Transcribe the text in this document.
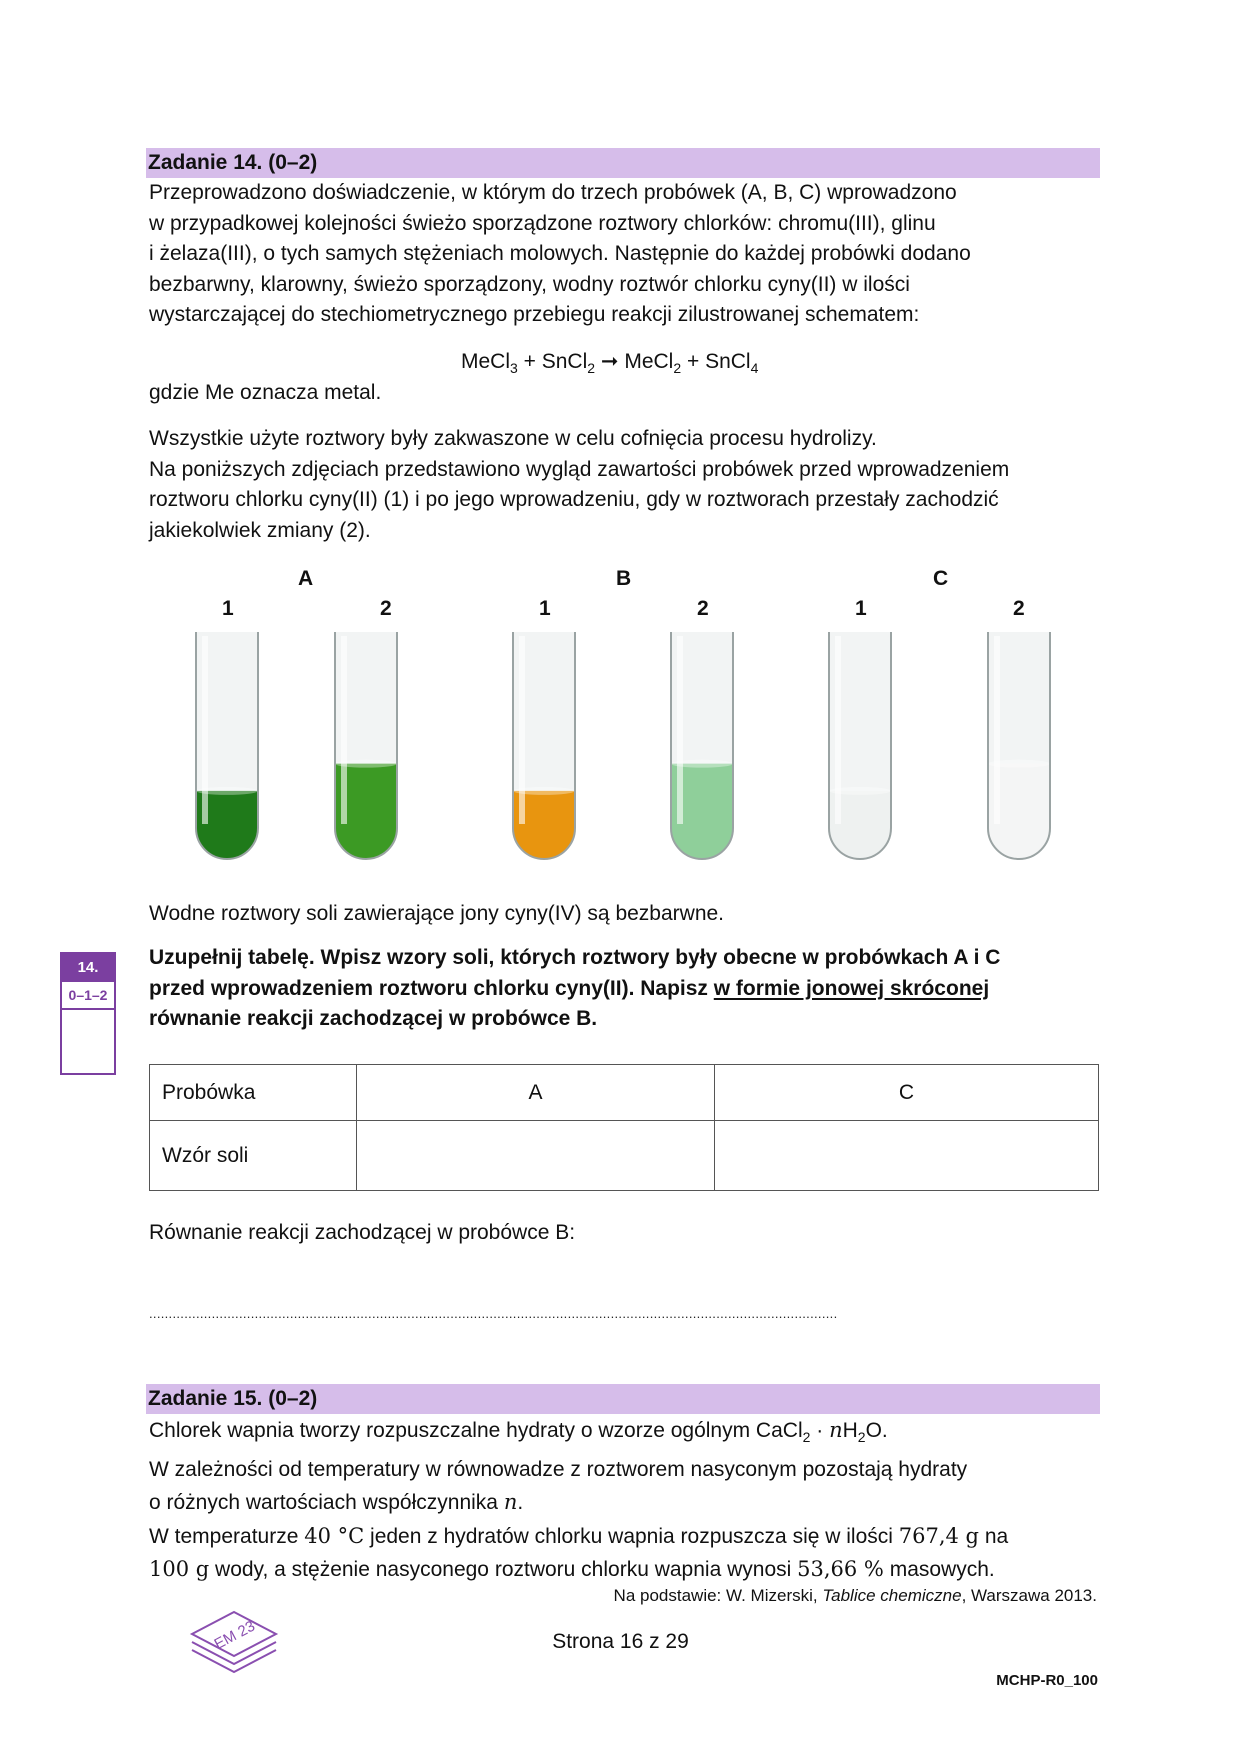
Zadanie 14. (0–2)
Przeprowadzono doświadczenie, w którym do trzech probówek (A, B, C) wprowadzono
w przypadkowej kolejności świeżo sporządzone roztwory chlorków: chromu(III), glinu
i żelaza(III), o tych samych stężeniach molowych. Następnie do każdej probówki dodano
bezbarwny, klarowny, świeżo sporządzony, wodny roztwór chlorku cyny(II) w ilości
wystarczającej do stechiometrycznego przebiegu reakcji zilustrowanej schematem:
MeCl$_3$ + SnCl$_2$ ➞ MeCl$_2$ + SnCl$_4$
gdzie Me oznacza metal.
Wszystkie użyte roztwory były zakwaszone w celu cofnięcia procesu hydrolizy.
Na poniższych zdjęciach przedstawiono wygląd zawartości probówek przed wprowadzeniem
roztworu chlorku cyny(II) (1) i po jego wprowadzeniu, gdy w roztworach przestały zachodzić
jakiekolwiek zmiany (2).
A	B	C
1	2	1	2	1	2
Wodne roztwory soli zawierające jony cyny(IV) są bezbarwne.
14.
0–1–2
Uzupełnij tabelę. Wpisz wzory soli, których roztwory były obecne w probówkach A i C
przed wprowadzeniem roztworu chlorku cyny(II). Napisz w formie jonowej skróconej
równanie reakcji zachodzącej w probówce B.
Probówka	A	C
Wzór soli		
Równanie reakcji zachodzącej w probówce B:
................................................................................................................................................................................
Zadanie 15. (0–2)
Chlorek wapnia tworzy rozpuszczalne hydraty o wzorze ogólnym CaCl$_2$ · $nH_2O$.
W zależności od temperatury w równowadze z roztworem nasyconym pozostają hydraty
o różnych wartościach współczynnika n.
W temperaturze 40 °C jeden z hydratów chlorku wapnia rozpuszcza się w ilości 767,4 g na
100 g wody, a stężenie nasyconego roztworu chlorku wapnia wynosi 53,66 % masowych.
Na podstawie: W. Mizerski, Tablice chemiczne, Warszawa 2013.
EM 23	Strona 16 z 29
MCHP-R0_100
